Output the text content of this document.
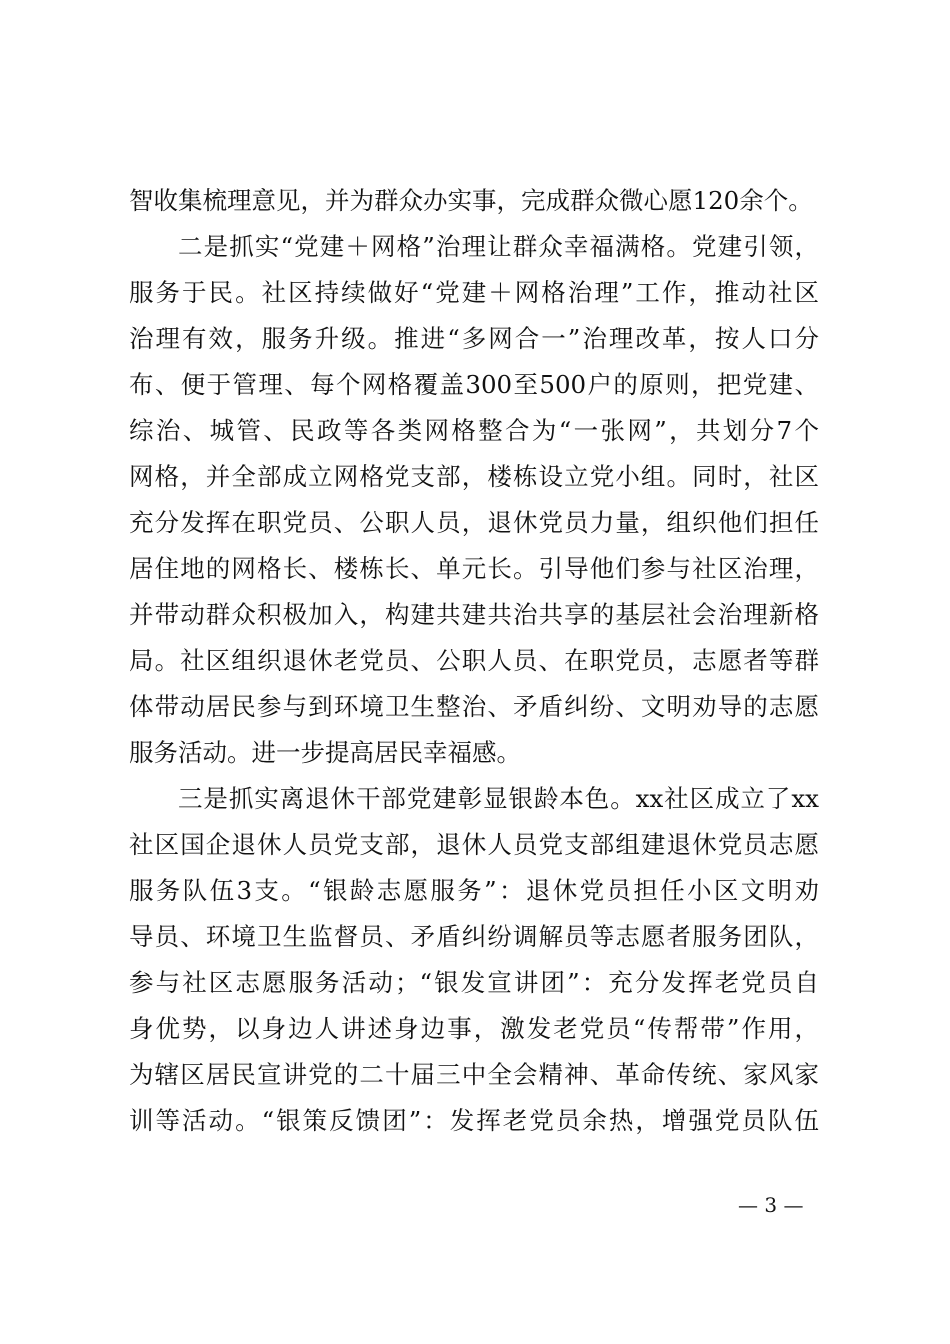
智收集梳理意见，并为群众办实事，完成群众微心愿120余个。
二是抓实“党建＋网格”治理让群众幸福满格。党建引领，
服务于民。社区持续做好“党建＋网格治理”工作，推动社区
治理有效，服务升级。推进“多网合一”治理改革，按人口分
布、便于管理、每个网格覆盖300至500户的原则，把党建、
综治、城管、民政等各类网格整合为“一张网”，共划分7个
网格，并全部成立网格党支部，楼栋设立党小组。同时，社区
充分发挥在职党员、公职人员，退休党员力量，组织他们担任
居住地的网格长、楼栋长、单元长。引导他们参与社区治理，
并带动群众积极加入，构建共建共治共享的基层社会治理新格
局。社区组织退休老党员、公职人员、在职党员，志愿者等群
体带动居民参与到环境卫生整治、矛盾纠纷、文明劝导的志愿
服务活动。进一步提高居民幸福感。
三是抓实离退休干部党建彰显银龄本色。xx社区成立了xx
社区国企退休人员党支部，退休人员党支部组建退休党员志愿
服务队伍3支。“银龄志愿服务”：退休党员担任小区文明劝
导员、环境卫生监督员、矛盾纠纷调解员等志愿者服务团队，
参与社区志愿服务活动；“银发宣讲团”：充分发挥老党员自
身优势，以身边人讲述身边事，激发老党员“传帮带”作用，
为辖区居民宣讲党的二十届三中全会精神、革命传统、家风家
训等活动。“银策反馈团”：发挥老党员余热，增强党员队伍
— 3 —
